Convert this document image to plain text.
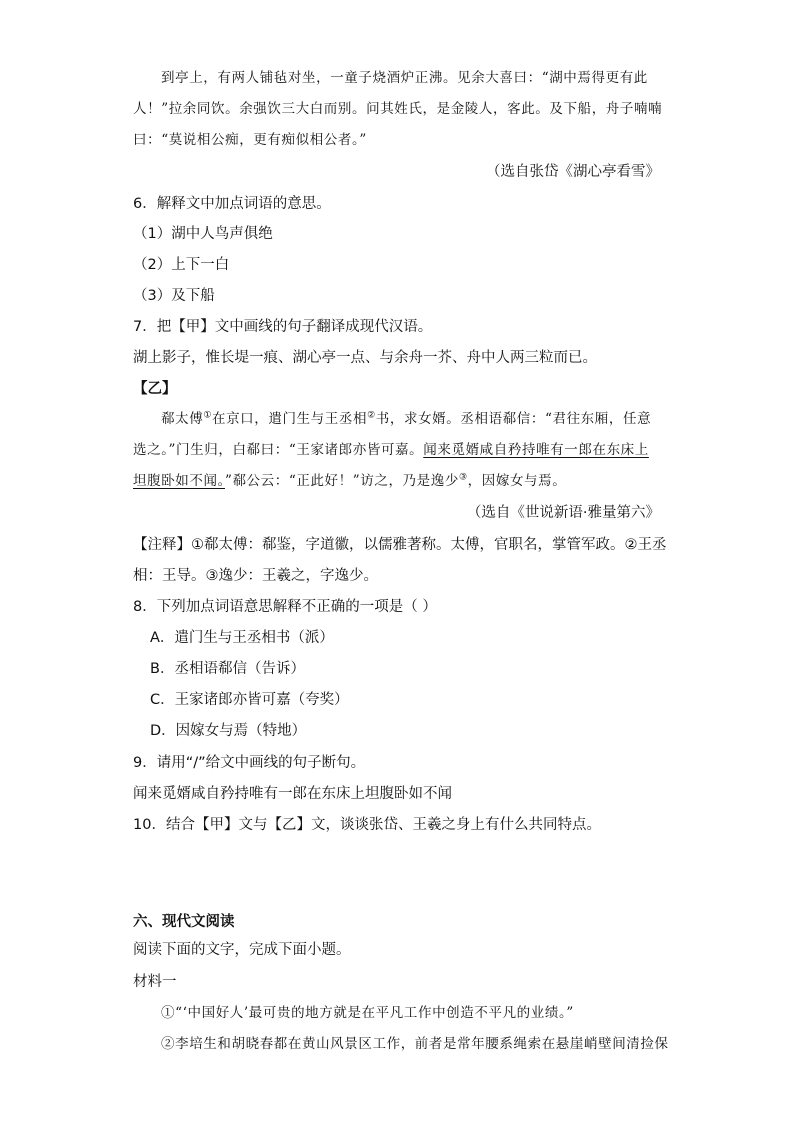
到亭上，有两人铺毡对坐，一童子烧酒炉正沸。见余大喜曰：“湖中焉得更有此
人！”拉余同饮。余强饮三大白而别。问其姓氏，是金陵人，客此。及下船，舟子喃喃
曰：“莫说相公痴，更有痴似相公者。”
（选自张岱《湖心亭看雪》
6．解释文中加点词语的意思。
（1）湖中人鸟声俱绝
（2）上下一白
（3）及下船
7．把【甲】文中画线的句子翻译成现代汉语。
湖上影子，惟长堤一痕、湖心亭一点、与余舟一芥、舟中人两三粒而已。
【乙】
郗太傅①在京口，遣门生与王丞相②书，求女婿。丞相语郗信：“君往东厢，任意
选之。”门生归，白郗曰：“王家诸郎亦皆可嘉。闻来觅婿咸自矜持唯有一郎在东床上
坦腹卧如不闻。”郗公云：“正此好！”访之，乃是逸少③，因嫁女与焉。
（选自《世说新语·雅量第六》
【注释】①郗太傅：郗鉴，字道徽，以儒雅著称。太傅，官职名，掌管军政。②王丞
相：王导。③逸少：王羲之，字逸少。
8．下列加点词语意思解释不正确的一项是（ ）
A．遣门生与王丞相书（派）
B．丞相语郗信（告诉）
C．王家诸郎亦皆可嘉（夸奖）
D．因嫁女与焉（特地）
9．请用“/”给文中画线的句子断句。
闻来觅婿咸自矜持唯有一郎在东床上坦腹卧如不闻
10．结合【甲】文与【乙】文，谈谈张岱、王羲之身上有什么共同特点。
六、现代文阅读
阅读下面的文字，完成下面小题。
材料一
①“‘中国好人’最可贵的地方就是在平凡工作中创造不平凡的业绩。”
②李培生和胡晓春都在黄山风景区工作，前者是常年腰系绳索在悬崖峭壁间清捡保
